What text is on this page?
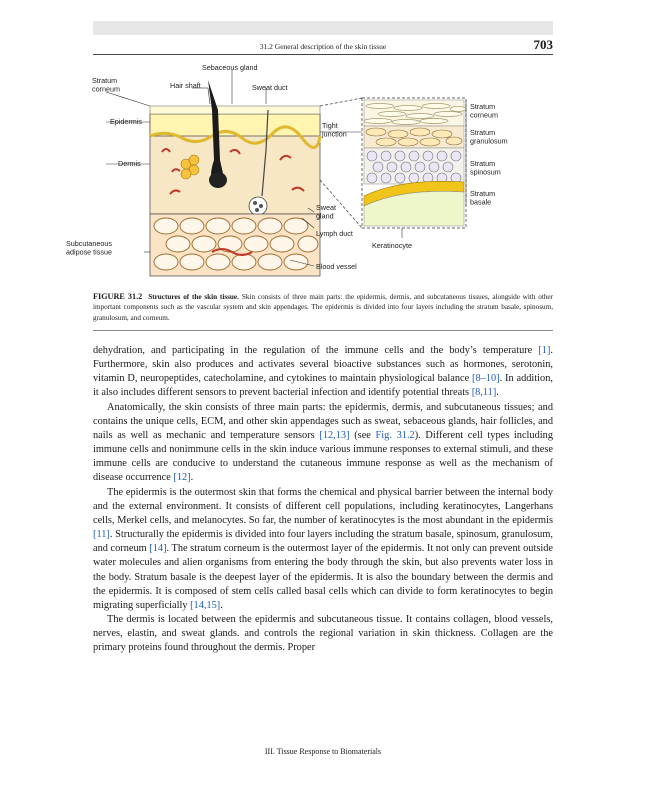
31.2 General description of the skin tissue	703
Sebaceous gland
Hair shaft	Sweat duct
Stratum corneum
Epidermis
Dermis
Subcutaneous adipose tissue
Tight junction
Sweat gland
Lymph duct
Blood vessel
Keratinocyte
Stratum corneum
Stratum granulosum
Stratum spinosum
Stratum basale
FIGURE 31.2 Structures of the skin tissue. Skin consists of three main parts: the epidermis, dermis, and subcutaneous tissues, alongside with other important components such as the vascular system and skin appendages. The epidermis is divided into four layers including the stratum basale, spinosum, granulosum, and corneum.

dehydration, and participating in the regulation of the immune cells and the body’s temperature [1]. Furthermore, skin also produces and activates several bioactive substances such as hormones, serotonin, vitamin D, neuropeptides, catecholamine, and cytokines to maintain physiological balance [8–10]. In addition, it also includes different sensors to prevent bacterial infection and identify potential threats [8,11].

Anatomically, the skin consists of three main parts: the epidermis, dermis, and subcutaneous tissues; and contains the unique cells, ECM, and other skin appendages such as sweat, sebaceous glands, hair follicles, and nails as well as mechanic and temperature sensors [12,13] (see Fig. 31.2). Different cell types including immune cells and nonimmune cells in the skin induce various immune responses to external stimuli, and these immune cells are conducive to understand the cutaneous immune response as well as the mechanism of disease occurrence [12].

The epidermis is the outermost skin that forms the chemical and physical barrier between the internal body and the external environment. It consists of different cell populations, including keratinocytes, Langerhans cells, Merkel cells, and melanocytes. So far, the number of keratinocytes is the most abundant in the epidermis [11]. Structurally the epidermis is divided into four layers including the stratum basale, spinosum, granulosum, and corneum [14]. The stratum corneum is the outermost layer of the epidermis. It not only can prevent outside water molecules and alien organisms from entering the body through the skin, but also prevents water loss in the body. Stratum basale is the deepest layer of the epidermis. It is also the boundary between the dermis and the epidermis. It is composed of stem cells called basal cells which can divide to form keratinocytes to begin migrating superficially [14,15].

The dermis is located between the epidermis and subcutaneous tissue. It contains collagen, blood vessels, nerves, elastin, and sweat glands. and controls the regional variation in skin thickness. Collagen are the primary proteins found throughout the dermis. Proper

III. Tissue Response to Biomaterials
